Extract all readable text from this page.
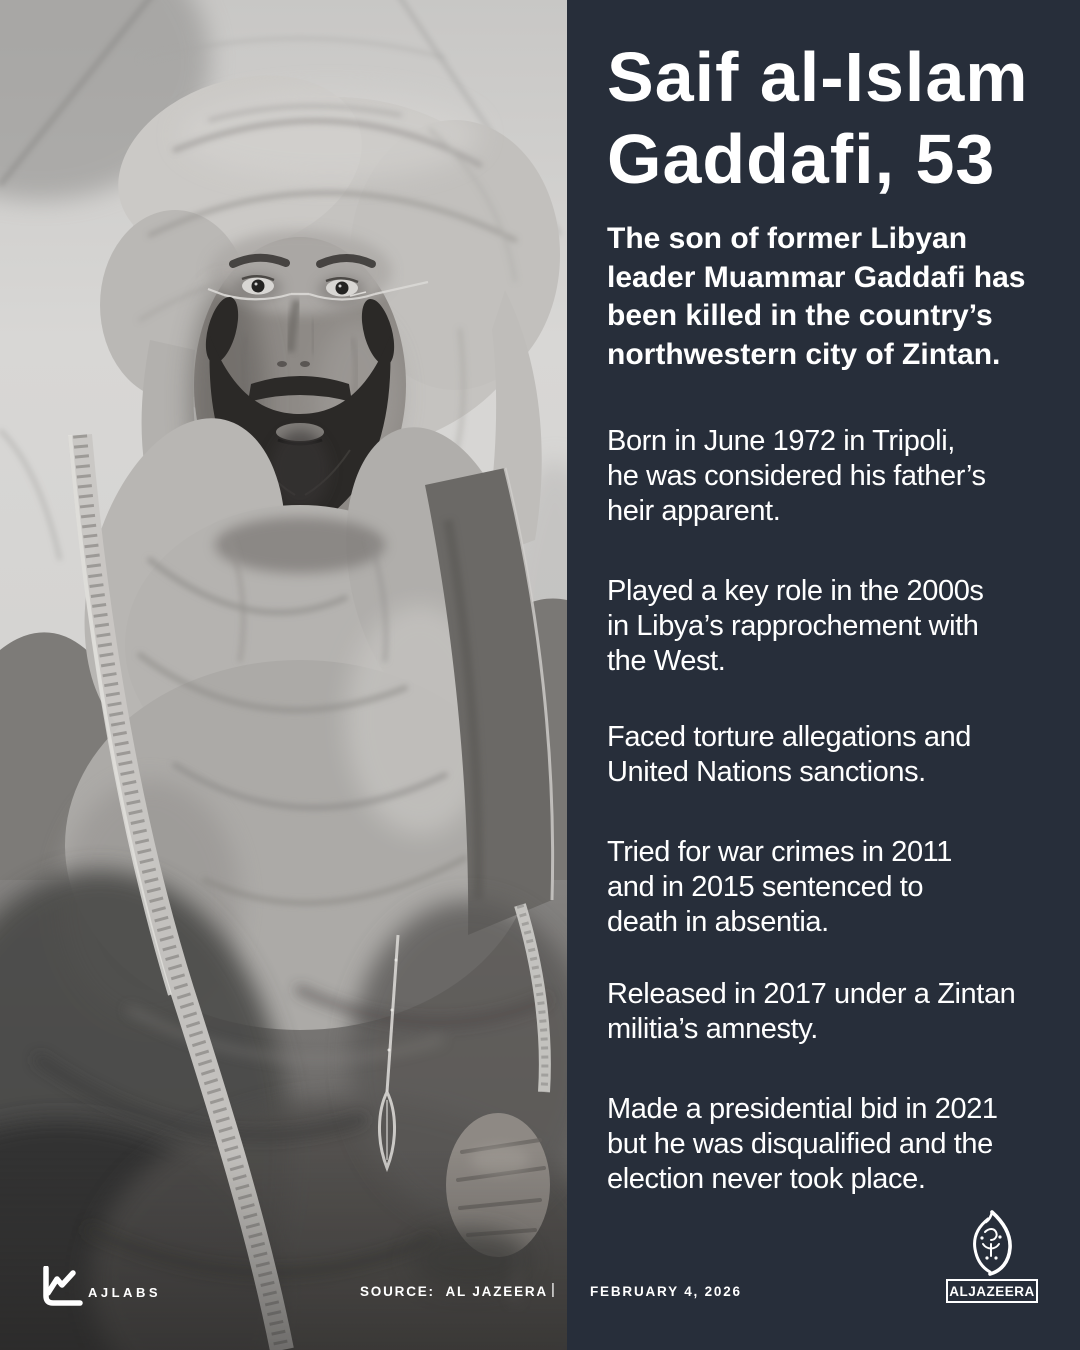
Saif al-Islam
Gaddafi, 53
The son of former Libyan
leader Muammar Gaddafi has
been killed in the country’s
northwestern city of Zintan.
Born in June 1972 in Tripoli,
he was considered his father’s
heir apparent.
Played a key role in the 2000s
in Libya’s rapprochement with
the West.
Faced torture allegations and
United Nations sanctions.
Tried for war crimes in 2011
and in 2015 sentenced to
death in absentia.
Released in 2017 under a Zintan
militia’s amnesty.
Made a presidential bid in 2021
but he was disqualified and the
election never took place.
AJLABS	SOURCE:  AL JAZEERA |	FEBRUARY 4, 2026	ALJAZEERA
